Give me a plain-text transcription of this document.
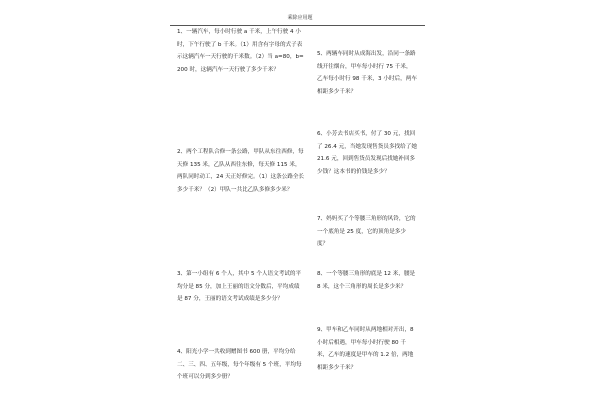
乘除应用题
1、一辆汽车，每小时行驶 a 千米，上午行驶 4 小时，下午行驶了 b 千米。（1）用含有字母的式子表示这辆汽车一天行驶的千米数。（2）当 a=80，b=200 时，这辆汽车一天行驶了多少千米？
2、两个工程队合修一条公路，甲队从东往西修，每天修 135 米，乙队从西往东修，每天修 115 米，两队同时动工，24 天正好修完。（1）这条公路全长多少千米？（2）甲队一共比乙队多修多少米？
3、第一小组有 6 个人，其中 5 个人语文考试的平均分是 85 分，加上王丽的语文分数后，平均成绩是 87 分，王丽的语文考试成绩是多少分？
4、阳光小学一共收到赠图书 600 册，平均分给二、三、四、五年级，每个年级有 5 个班，平均每个班可以分到多少册？
5、两辆车同时从成海出发，沿同一条路线开往烟台，甲车每小时行 75 千米，乙车每小时行 98 千米，3 小时后，两车相距多少千米？
6、小芳去书店买书，付了 30 元，找回了 26.4 元，当她发现售货员多找给了她 21.6 元，回到售货员发现后找她补回多少钱？这本书的价钱是多少？
7、妈妈买了个等腰三角形的风铃，它的一个底角是 25 度，它的顶角是多少度？
8、一个等腰三角形的底是 12 米，腰是 8 米，这个三角形的周长是多少米？
9、甲车和乙车同时从两地相对开出，8 小时后相遇，甲车每小时行驶 80 千米，乙车的速度是甲车的 1.2 倍，两地相距多少千米？
